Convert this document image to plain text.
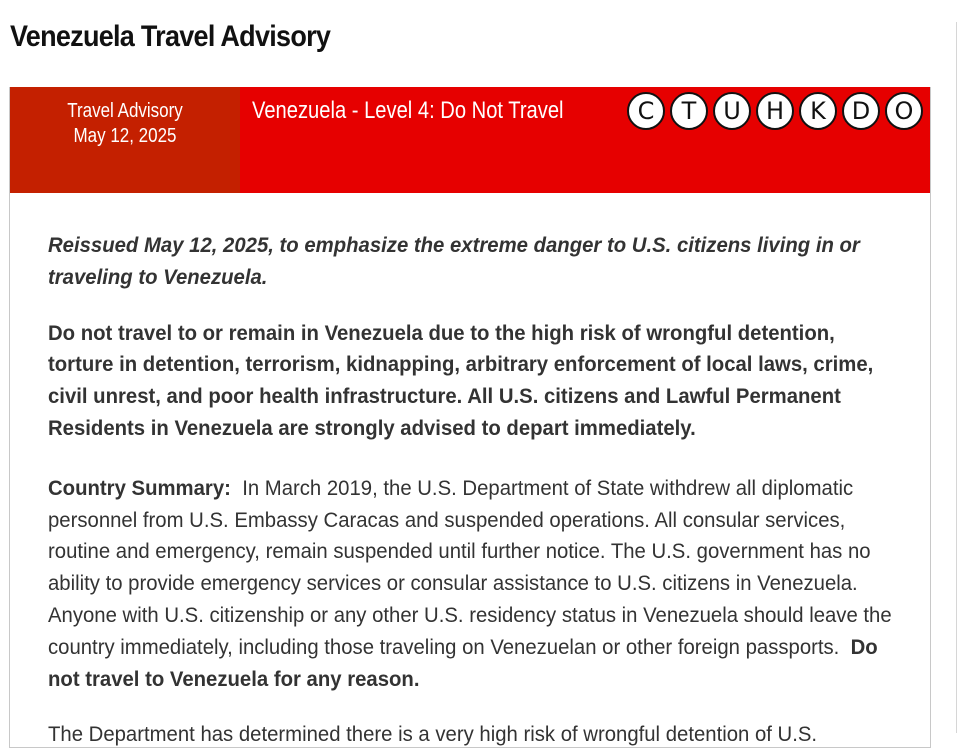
Venezuela Travel Advisory
Travel Advisory
May 12, 2025
Venezuela - Level 4: Do Not Travel	C	T	U	H	K	D	O

Reissued May 12, 2025, to emphasize the extreme danger to U.S. citizens living in or traveling to Venezuela.

Do not travel to or remain in Venezuela due to the high risk of wrongful detention, torture in detention, terrorism, kidnapping, arbitrary enforcement of local laws, crime, civil unrest, and poor health infrastructure. All U.S. citizens and Lawful Permanent Residents in Venezuela are strongly advised to depart immediately.

Country Summary: In March 2019, the U.S. Department of State withdrew all diplomatic personnel from U.S. Embassy Caracas and suspended operations. All consular services, routine and emergency, remain suspended until further notice. The U.S. government has no ability to provide emergency services or consular assistance to U.S. citizens in Venezuela. Anyone with U.S. citizenship or any other U.S. residency status in Venezuela should leave the country immediately, including those traveling on Venezuelan or other foreign passports. Do not travel to Venezuela for any reason.

The Department has determined there is a very high risk of wrongful detention of U.S.
